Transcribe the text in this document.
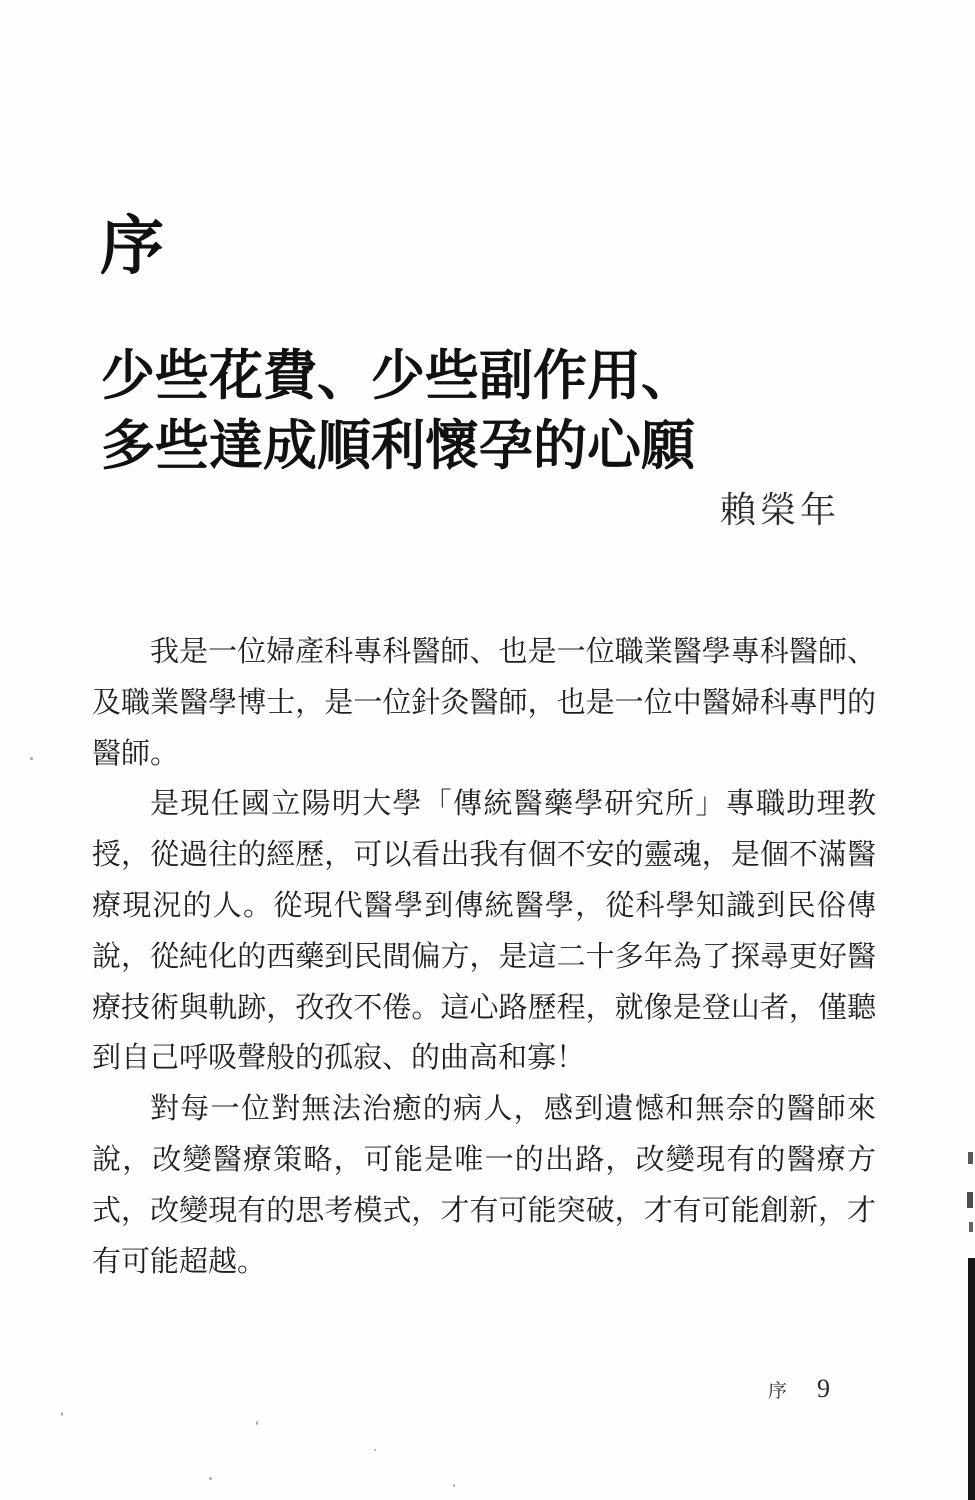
序
少些花費、少些副作用、
多些達成順利懷孕的心願
賴榮年

我是一位婦產科專科醫師、也是一位職業醫學專科醫師、及職業醫學博士，是一位針灸醫師，也是一位中醫婦科專門的醫師。

是現任國立陽明大學「傳統醫藥學研究所」專職助理教授，從過往的經歷，可以看出我有個不安的靈魂，是個不滿醫療現況的人。從現代醫學到傳統醫學，從科學知識到民俗傳說，從純化的西藥到民間偏方，是這二十多年為了探尋更好醫療技術與軌跡，孜孜不倦。這心路歷程，就像是登山者，僅聽到自己呼吸聲般的孤寂、的曲高和寡！

對每一位對無法治癒的病人，感到遺憾和無奈的醫師來說，改變醫療策略，可能是唯一的出路，改變現有的醫療方式，改變現有的思考模式，才有可能突破，才有可能創新，才有可能超越。

序 9
